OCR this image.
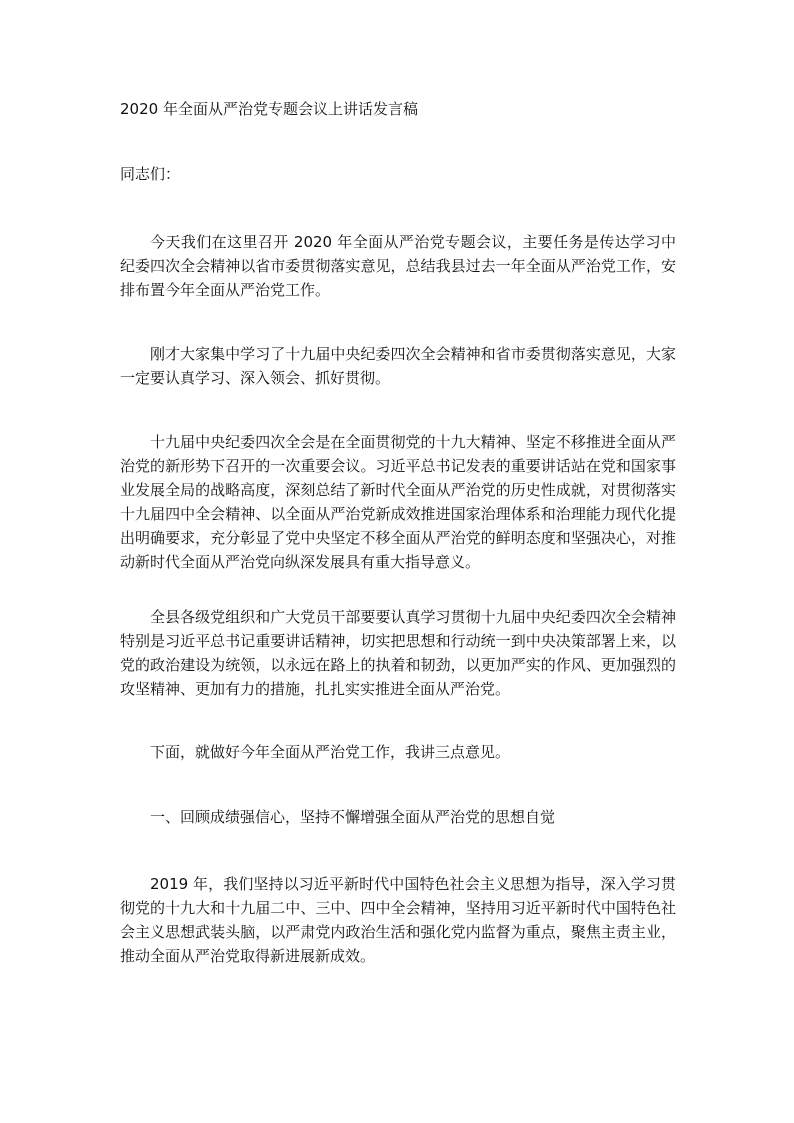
2020 年全面从严治党专题会议上讲话发言稿
同志们：

今天我们在这里召开 2020 年全面从严治党专题会议，主要任务是传达学习中纪委四次全会精神以省市委贯彻落实意见，总结我县过去一年全面从严治党工作，安排布置今年全面从严治党工作。

刚才大家集中学习了十九届中央纪委四次全会精神和省市委贯彻落实意见，大家一定要认真学习、深入领会、抓好贯彻。

十九届中央纪委四次全会是在全面贯彻党的十九大精神、坚定不移推进全面从严治党的新形势下召开的一次重要会议。习近平总书记发表的重要讲话站在党和国家事业发展全局的战略高度，深刻总结了新时代全面从严治党的历史性成就，对贯彻落实十九届四中全会精神、以全面从严治党新成效推进国家治理体系和治理能力现代化提出明确要求，充分彰显了党中央坚定不移全面从严治党的鲜明态度和坚强决心，对推动新时代全面从严治党向纵深发展具有重大指导意义。

全县各级党组织和广大党员干部要要认真学习贯彻十九届中央纪委四次全会精神特别是习近平总书记重要讲话精神，切实把思想和行动统一到中央决策部署上来，以党的政治建设为统领，以永远在路上的执着和韧劲，以更加严实的作风、更加强烈的攻坚精神、更加有力的措施，扎扎实实推进全面从严治党。

下面，就做好今年全面从严治党工作，我讲三点意见。

一、回顾成绩强信心，坚持不懈增强全面从严治党的思想自觉

2019 年，我们坚持以习近平新时代中国特色社会主义思想为指导，深入学习贯彻党的十九大和十九届二中、三中、四中全会精神，坚持用习近平新时代中国特色社会主义思想武装头脑，以严肃党内政治生活和强化党内监督为重点，聚焦主责主业，推动全面从严治党取得新进展新成效。
